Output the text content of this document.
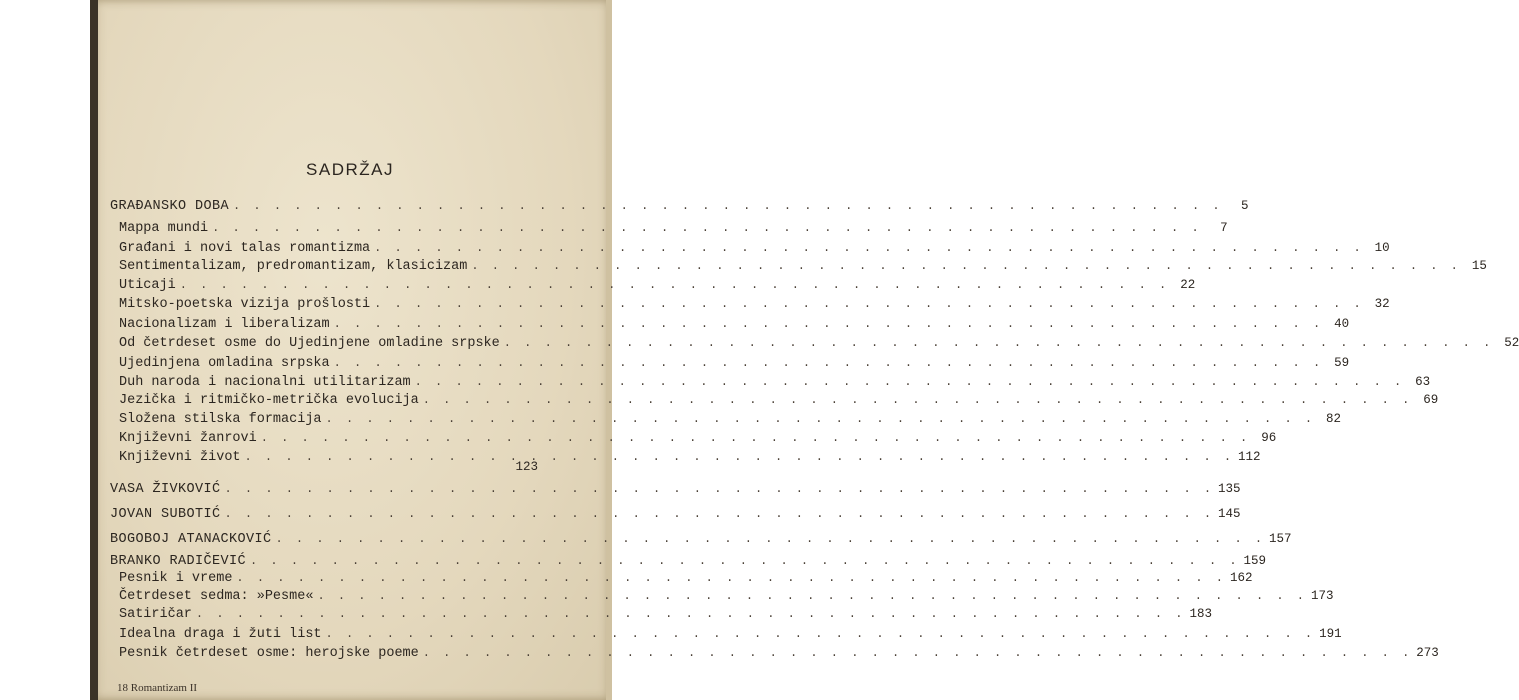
SADRŽAJ
GRAĐANSKO DOBA . . . . . . . . . . . . . . . . . . . . . . . . . . . . . . . . . . . . . . . . . . . . . . . . .	5
Mappa mundi . . . . . . . . . . . . . . . . . . . . . . . . . . . . . . . . . . . . . . . . . . . . . . . . .	7
Građani i novi talas romantizma . . . . . . . . . . . . . . . . . . . . . . . . . . . . . . . . . . . . . . . . . . . . . . . . . 10
Sentimentalizam, predromantizam, klasicizam . . . . . . . . . . . . . . . . . . . . . . . . . . . . . . . . . . . . . . . . . . . . . . . . . 15
Uticaji . . . . . . . . . . . . . . . . . . . . . . . . . . . . . . . . . . . . . . . . . . . . . . . . . 22
Mitsko-poetska vizija prošlosti . . . . . . . . . . . . . . . . . . . . . . . . . . . . . . . . . . . . . . . . . . . . . . . . . 32
Nacionalizam i liberalizam . . . . . . . . . . . . . . . . . . . . . . . . . . . . . . . . . . . . . . . . . . . . . . . . . 40
Od četrdeset osme do Ujedinjene omladine srpske . . . . . . . . . . . . . . . . . . . . . . . . . . . . . . . . . . . . . . . . . . . . . . . . . 52
Ujedinjena omladina srpska . . . . . . . . . . . . . . . . . . . . . . . . . . . . . . . . . . . . . . . . . . . . . . . . . 59
Duh naroda i nacionalni utilitarizam . . . . . . . . . . . . . . . . . . . . . . . . . . . . . . . . . . . . . . . . . . . . . . . . . 63
Jezička i ritmičko-metrička evolucija . . . . . . . . . . . . . . . . . . . . . . . . . . . . . . . . . . . . . . . . . . . . . . . . . 69
Složena stilska formacija . . . . . . . . . . . . . . . . . . . . . . . . . . . . . . . . . . . . . . . . . . . . . . . . . 82
Književni žanrovi . . . . . . . . . . . . . . . . . . . . . . . . . . . . . . . . . . . . . . . . . . . . . . . . . 96
Književni život . . . . . . . . . . . . . . . . . . . . . . . . . . . . . . . . . . . . . . . . . . . . . . . . . 112
123
VASA ŽIVKOVIĆ . . . . . . . . . . . . . . . . . . . . . . . . . . . . . . . . . . . . . . . . . . . . . . . . . 135
JOVAN SUBOTIĆ . . . . . . . . . . . . . . . . . . . . . . . . . . . . . . . . . . . . . . . . . . . . . . . . . 145
BOGOBOJ ATANACKOVIĆ . . . . . . . . . . . . . . . . . . . . . . . . . . . . . . . . . . . . . . . . . . . . . . . . . 157
BRANKO RADIČEVIĆ . . . . . . . . . . . . . . . . . . . . . . . . . . . . . . . . . . . . . . . . . . . . . . . . . 159
Pesnik i vreme . . . . . . . . . . . . . . . . . . . . . . . . . . . . . . . . . . . . . . . . . . . . . . . . . 162
Četrdeset sedma: »Pesme« . . . . . . . . . . . . . . . . . . . . . . . . . . . . . . . . . . . . . . . . . . . . . . . . . 173
Satiričar . . . . . . . . . . . . . . . . . . . . . . . . . . . . . . . . . . . . . . . . . . . . . . . . . 183
Idealna draga i žuti list . . . . . . . . . . . . . . . . . . . . . . . . . . . . . . . . . . . . . . . . . . . . . . . . . 191
Pesnik četrdeset osme: herojske poeme . . . . . . . . . . . . . . . . . . . . . . . . . . . . . . . . . . . . . . . . . . . . . . . . . 273
18 Romantizam II
